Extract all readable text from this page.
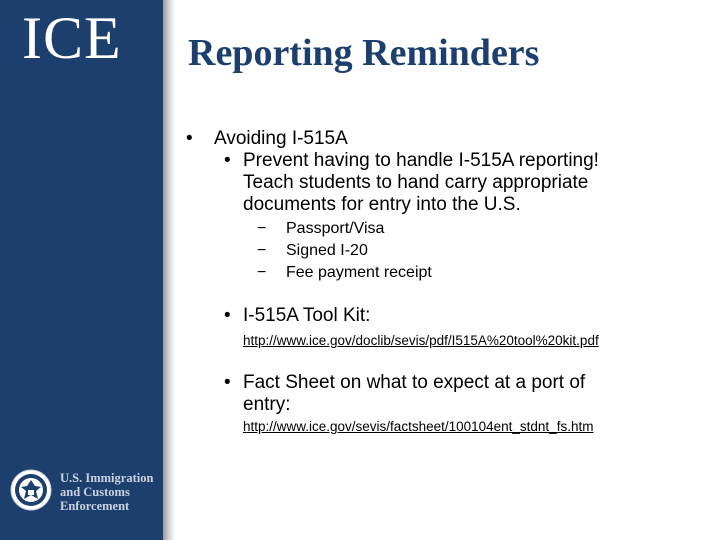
ICE
U.S. Immigration
and Customs
Enforcement
Reporting Reminders
• Avoiding I-515A
• Prevent having to handle I-515A reporting!
Teach students to hand carry appropriate
documents for entry into the U.S.
− Passport/Visa
− Signed I-20
− Fee payment receipt
• I-515A Tool Kit:
http://www.ice.gov/doclib/sevis/pdf/I515A%20tool%20kit.pdf
• Fact Sheet on what to expect at a port of
entry:
http://www.ice.gov/sevis/factsheet/100104ent_stdnt_fs.htm
